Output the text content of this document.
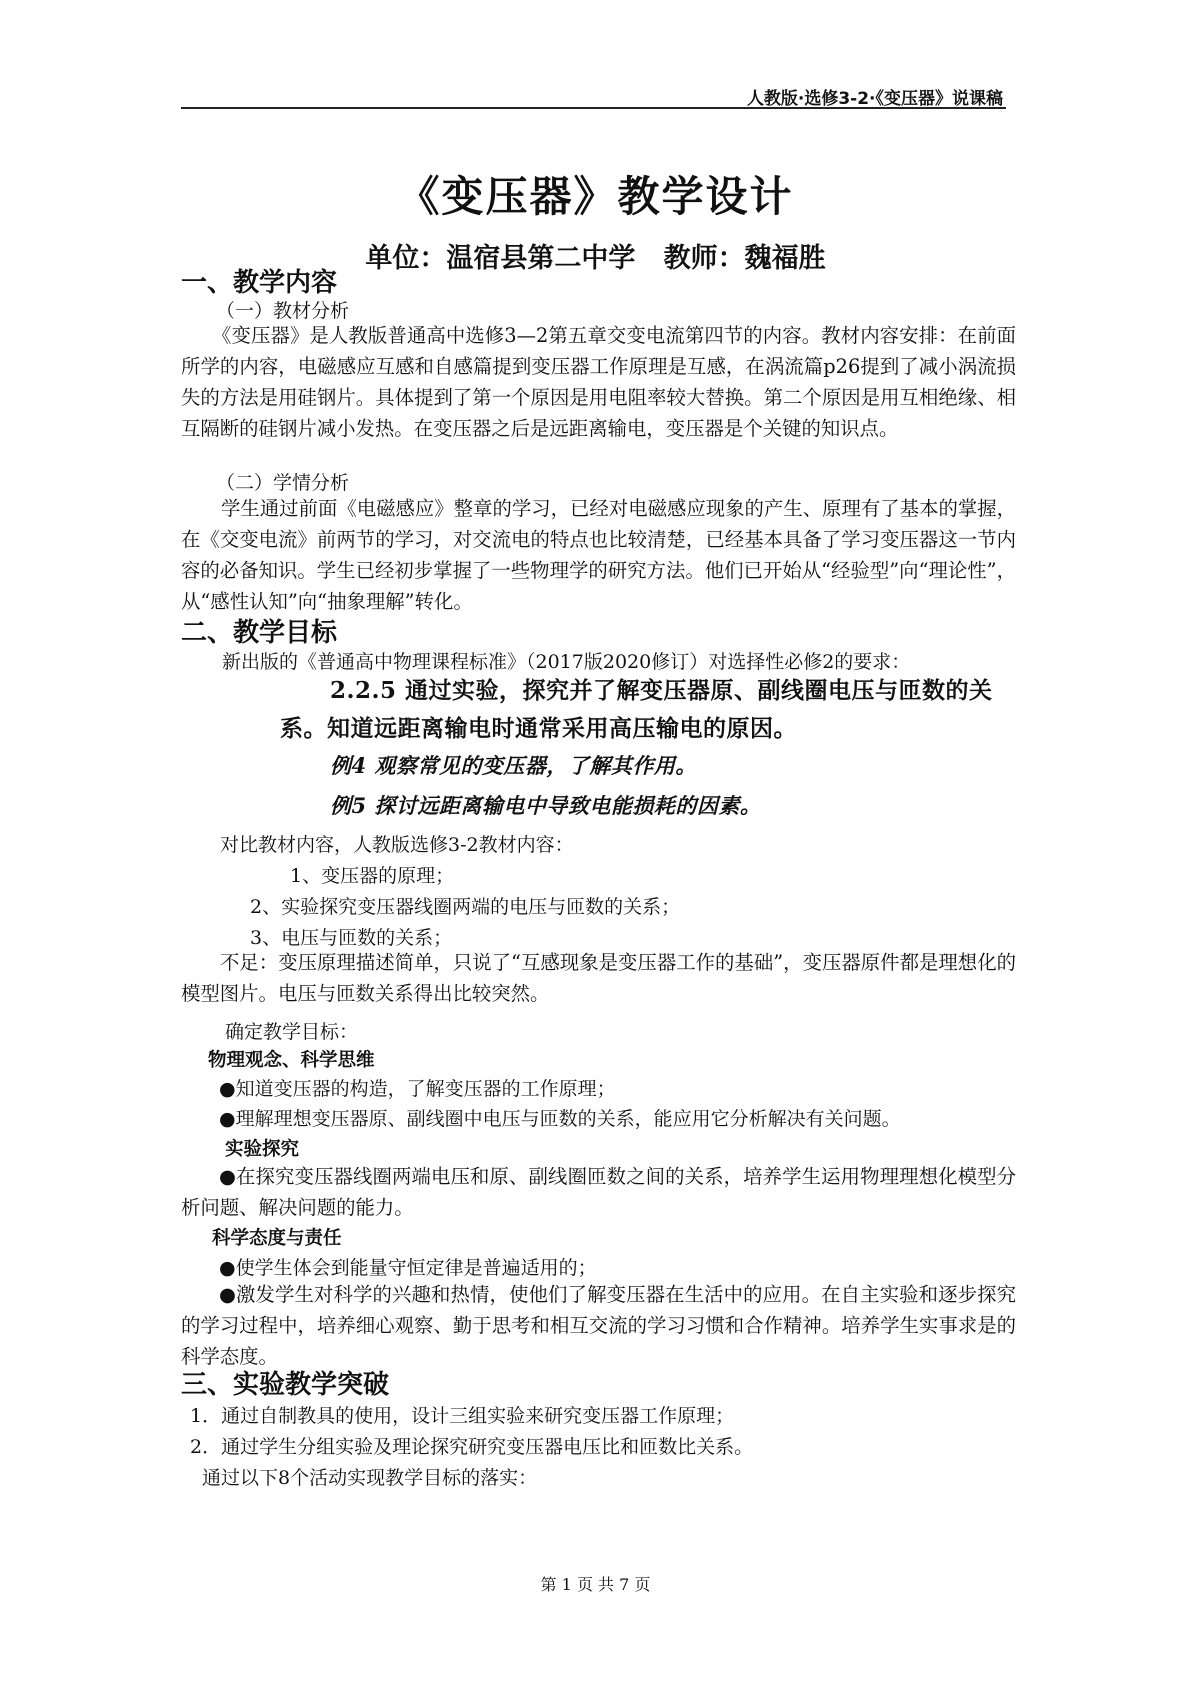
人教版·选修3-2·《变压器》说课稿
《变压器》教学设计
单位：温宿县第二中学   教师：魏福胜
一、教学内容
（一）教材分析

《变压器》是人教版普通高中选修3—2第五章交变电流第四节的内容。教材内容安排：在前面所学的内容，电磁感应互感和自感篇提到变压器工作原理是互感，在涡流篇p26提到了减小涡流损失的方法是用硅钢片。具体提到了第一个原因是用电阻率较大替换。第二个原因是用互相绝缘、相互隔断的硅钢片减小发热。在变压器之后是远距离输电，变压器是个关键的知识点。

（二）学情分析

学生通过前面《电磁感应》整章的学习，已经对电磁感应现象的产生、原理有了基本的掌握，在《交变电流》前两节的学习，对交流电的特点也比较清楚，已经基本具备了学习变压器这一节内容的必备知识。学生已经初步掌握了一些物理学的研究方法。他们已开始从“经验型”向“理论性”，从“感性认知”向“抽象理解”转化。

二、教学目标
新出版的《普通高中物理课程标准》（2017版2020修订）对选择性必修2的要求：
2.2.5 通过实验，探究并了解变压器原、副线圈电压与匝数的关
系。知道远距离输电时通常采用高压输电的原因。
例4 观察常见的变压器，了解其作用。
例5 探讨远距离输电中导致电能损耗的因素。
对比教材内容，人教版选修3-2教材内容：
1、变压器的原理；
2、实验探究变压器线圈两端的电压与匝数的关系；
3、电压与匝数的关系；

不足：变压原理描述简单，只说了“互感现象是变压器工作的基础”，变压器原件都是理想化的模型图片。电压与匝数关系得出比较突然。

确定教学目标：
物理观念、科学思维
●知道变压器的构造，了解变压器的工作原理；
●理解理想变压器原、副线圈中电压与匝数的关系，能应用它分析解决有关问题。
实验探究

●在探究变压器线圈两端电压和原、副线圈匝数之间的关系，培养学生运用物理理想化模型分析问题、解决问题的能力。

科学态度与责任
●使学生体会到能量守恒定律是普遍适用的；

●激发学生对科学的兴趣和热情，使他们了解变压器在生活中的应用。在自主实验和逐步探究的学习过程中，培养细心观察、勤于思考和相互交流的学习习惯和合作精神。培养学生实事求是的科学态度。

三、实验教学突破
1．通过自制教具的使用，设计三组实验来研究变压器工作原理；
2．通过学生分组实验及理论探究研究变压器电压比和匝数比关系。
通过以下8个活动实现教学目标的落实：
第 1 页 共 7 页
